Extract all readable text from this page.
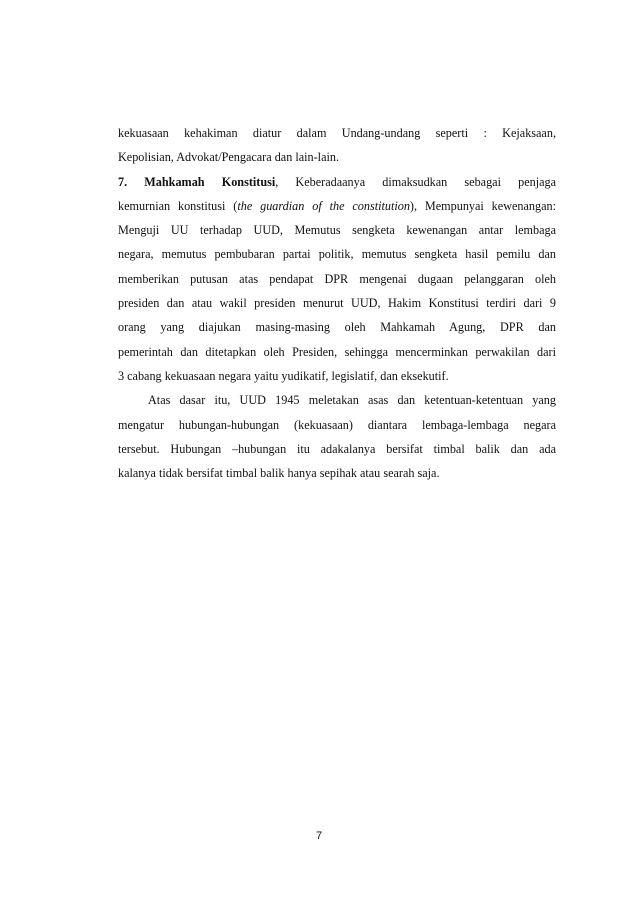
kekuasaan kehakiman diatur dalam Undang-undang seperti : Kejaksaan,
Kepolisian, Advokat/Pengacara dan lain-lain.
7. Mahkamah Konstitusi, Keberadaanya dimaksudkan sebagai penjaga
kemurnian konstitusi (the guardian of the constitution), Mempunyai kewenangan:
Menguji UU terhadap UUD, Memutus sengketa kewenangan antar lembaga
negara, memutus pembubaran partai politik, memutus sengketa hasil pemilu dan
memberikan putusan atas pendapat DPR mengenai dugaan pelanggaran oleh
presiden dan atau wakil presiden menurut UUD, Hakim Konstitusi terdiri dari 9
orang yang diajukan masing-masing oleh Mahkamah Agung, DPR dan
pemerintah dan ditetapkan oleh Presiden, sehingga mencerminkan perwakilan dari
3 cabang kekuasaan negara yaitu yudikatif, legislatif, dan eksekutif.
Atas dasar itu, UUD 1945 meletakan asas dan ketentuan-ketentuan yang
mengatur hubungan-hubungan (kekuasaan) diantara lembaga-lembaga negara
tersebut. Hubungan –hubungan itu adakalanya bersifat timbal balik dan ada
kalanya tidak bersifat timbal balik hanya sepihak atau searah saja.
7
